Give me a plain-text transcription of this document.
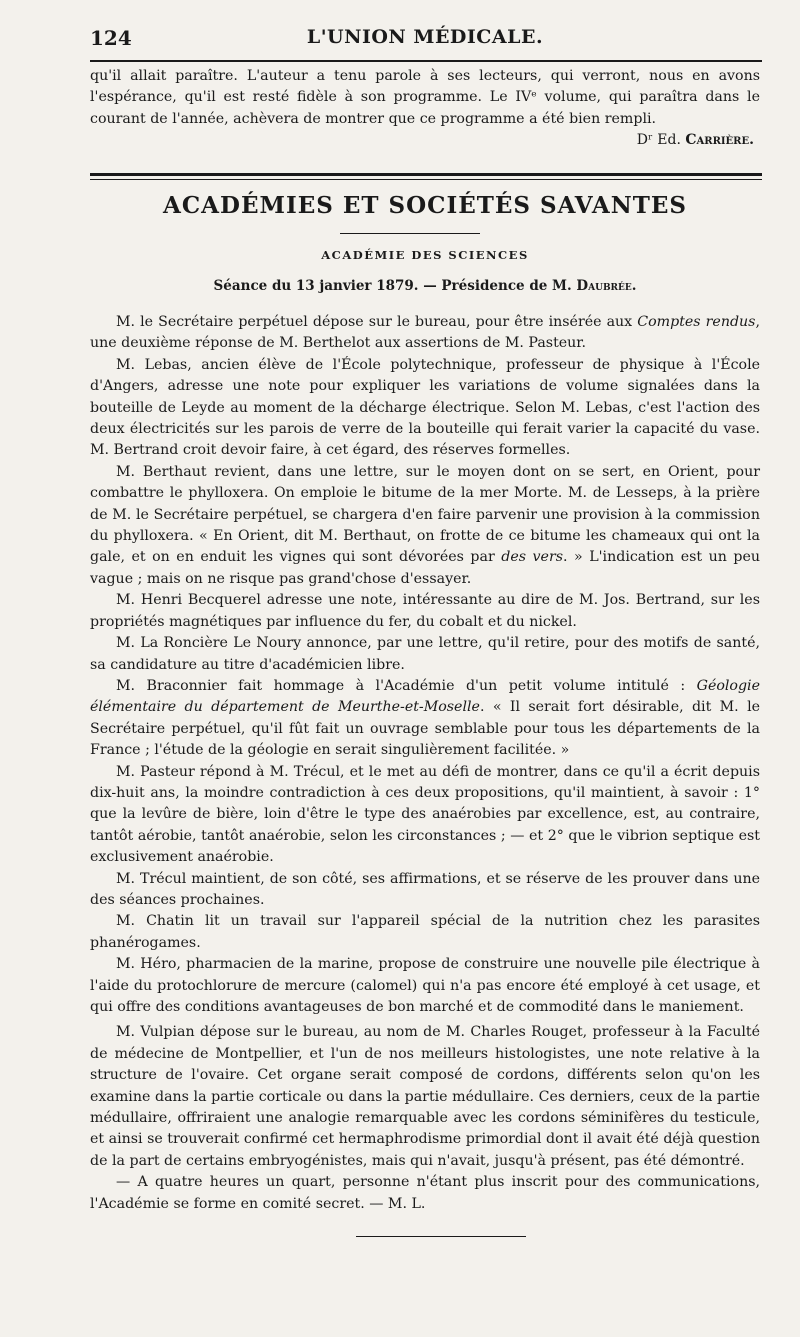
124	L'UNION MÉDICALE.

qu'il allait paraître. L'auteur a tenu parole à ses lecteurs, qui verront, nous en avons l'espérance, qu'il est resté fidèle à son programme. Le IVᵉ volume, qui paraîtra dans le courant de l'année, achèvera de montrer que ce programme a été bien rempli.

Dʳ Ed. Carrière.
ACADÉMIES ET SOCIÉTÉS SAVANTES
ACADÉMIE DES SCIENCES
Séance du 13 janvier 1879. — Présidence de M. Daubrée.

M. le Secrétaire perpétuel dépose sur le bureau, pour être insérée aux Comptes rendus, une deuxième réponse de M. Berthelot aux assertions de M. Pasteur.

M. Lebas, ancien élève de l'École polytechnique, professeur de physique à l'École d'Angers, adresse une note pour expliquer les variations de volume signalées dans la bouteille de Leyde au moment de la décharge électrique. Selon M. Lebas, c'est l'action des deux électricités sur les parois de verre de la bouteille qui ferait varier la capacité du vase. M. Bertrand croit devoir faire, à cet égard, des réserves formelles.

M. Berthaut revient, dans une lettre, sur le moyen dont on se sert, en Orient, pour combattre le phylloxera. On emploie le bitume de la mer Morte. M. de Lesseps, à la prière de M. le Secrétaire perpétuel, se chargera d'en faire parvenir une provision à la commission du phylloxera. « En Orient, dit M. Berthaut, on frotte de ce bitume les chameaux qui ont la gale, et on en enduit les vignes qui sont dévorées par des vers. » L'indication est un peu vague ; mais on ne risque pas grand'chose d'essayer.

M. Henri Becquerel adresse une note, intéressante au dire de M. Jos. Bertrand, sur les propriétés magnétiques par influence du fer, du cobalt et du nickel.

M. La Roncière Le Noury annonce, par une lettre, qu'il retire, pour des motifs de santé, sa candidature au titre d'académicien libre.

M. Braconnier fait hommage à l'Académie d'un petit volume intitulé : Géologie élémentaire du département de Meurthe-et-Moselle. « Il serait fort désirable, dit M. le Secrétaire perpétuel, qu'il fût fait un ouvrage semblable pour tous les départements de la France ; l'étude de la géologie en serait singulièrement facilitée. »

M. Pasteur répond à M. Trécul, et le met au défi de montrer, dans ce qu'il a écrit depuis dix-huit ans, la moindre contradiction à ces deux propositions, qu'il maintient, à savoir : 1° que la levûre de bière, loin d'être le type des anaérobies par excellence, est, au contraire, tantôt aérobie, tantôt anaérobie, selon les circonstances ; — et 2° que le vibrion septique est exclusivement anaérobie.

M. Trécul maintient, de son côté, ses affirmations, et se réserve de les prouver dans une des séances prochaines.

M. Chatin lit un travail sur l'appareil spécial de la nutrition chez les parasites phanérogames.

M. Héro, pharmacien de la marine, propose de construire une nouvelle pile électrique à l'aide du protochlorure de mercure (calomel) qui n'a pas encore été employé à cet usage, et qui offre des conditions avantageuses de bon marché et de commodité dans le maniement.

M. Vulpian dépose sur le bureau, au nom de M. Charles Rouget, professeur à la Faculté de médecine de Montpellier, et l'un de nos meilleurs histologistes, une note relative à la structure de l'ovaire. Cet organe serait composé de cordons, différents selon qu'on les examine dans la partie corticale ou dans la partie médullaire. Ces derniers, ceux de la partie médullaire, offriraient une analogie remarquable avec les cordons séminifères du testicule, et ainsi se trouverait confirmé cet hermaphrodisme primordial dont il avait été déjà question de la part de certains embryogénistes, mais qui n'avait, jusqu'à présent, pas été démontré.

— A quatre heures un quart, personne n'étant plus inscrit pour des communications, l'Académie se forme en comité secret. — M. L.
